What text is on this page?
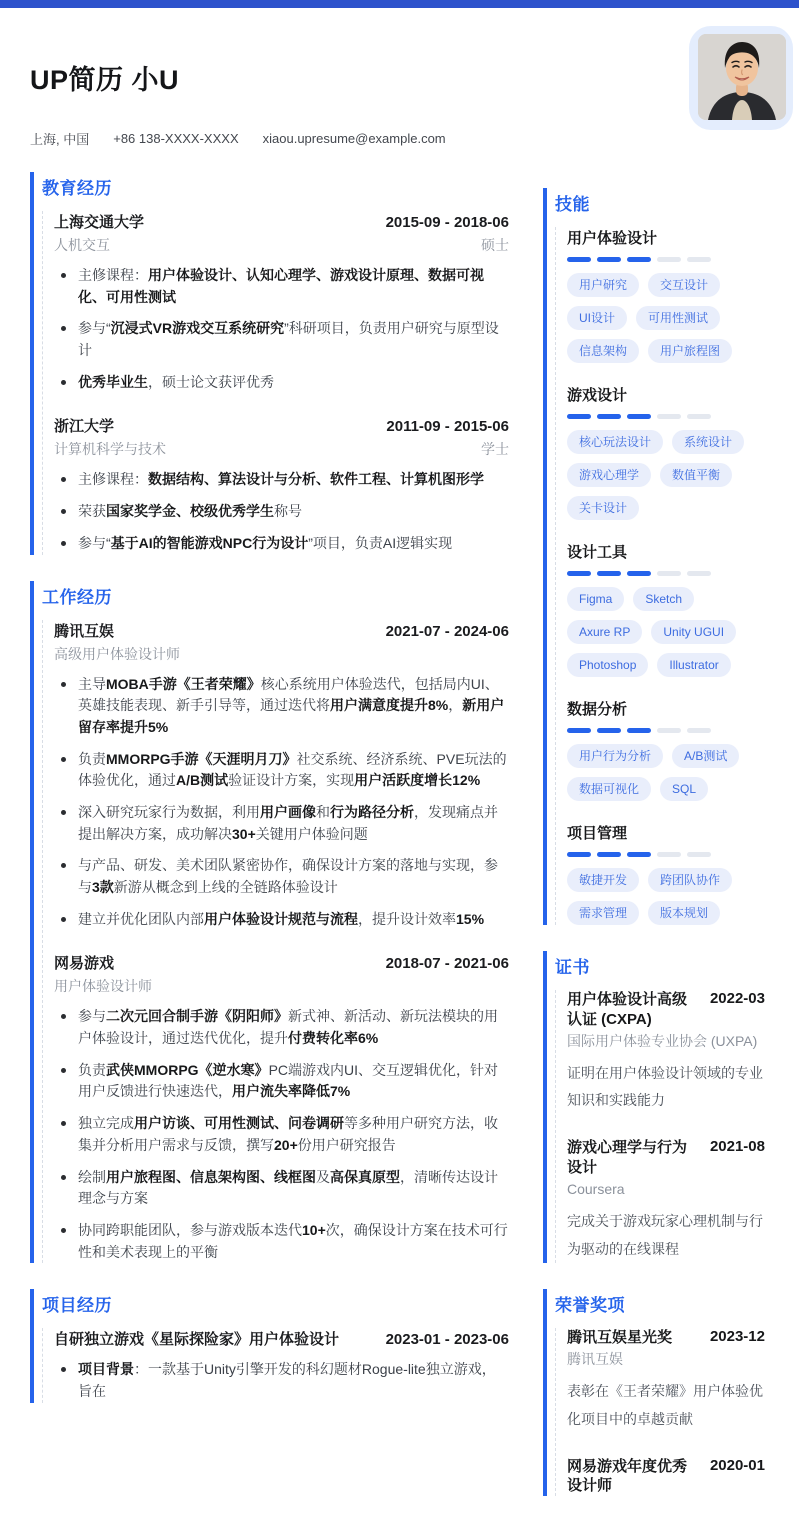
UP简历 小U
上海, 中国 +86 138-XXXX-XXXX xiaou.upresume@example.com
教育经历
上海交通大学	2015-09 - 2018-06
人机交互	硕士
主修课程：用户体验设计、认知心理学、游戏设计原理、数据可视化、可用性测试
参与“沉浸式VR游戏交互系统研究”科研项目，负责用户研究与原型设计
优秀毕业生，硕士论文获评优秀
浙江大学	2011-09 - 2015-06
计算机科学与技术	学士
主修课程：数据结构、算法设计与分析、软件工程、计算机图形学
荣获国家奖学金、校级优秀学生称号
参与“基于AI的智能游戏NPC行为设计”项目，负责AI逻辑实现
工作经历
腾讯互娱	2021-07 - 2024-06
高级用户体验设计师
主导MOBA手游《王者荣耀》核心系统用户体验迭代，包括局内UI、英雄技能表现、新手引导等，通过迭代将用户满意度提升8%，新用户留存率提升5%
负责MMORPG手游《天涯明月刀》社交系统、经济系统、PVE玩法的体验优化，通过A/B测试验证设计方案，实现用户活跃度增长12%
深入研究玩家行为数据，利用用户画像和行为路径分析，发现痛点并提出解决方案，成功解决30+关键用户体验问题
与产品、研发、美术团队紧密协作，确保设计方案的落地与实现，参与3款新游从概念到上线的全链路体验设计
建立并优化团队内部用户体验设计规范与流程，提升设计效率15%
网易游戏	2018-07 - 2021-06
用户体验设计师
参与二次元回合制手游《阴阳师》新式神、新活动、新玩法模块的用户体验设计，通过迭代优化，提升付费转化率6%
负责武侠MMORPG《逆水寒》PC端游戏内UI、交互逻辑优化，针对用户反馈进行快速迭代，用户流失率降低7%
独立完成用户访谈、可用性测试、问卷调研等多种用户研究方法，收集并分析用户需求与反馈，撰写20+份用户研究报告
绘制用户旅程图、信息架构图、线框图及高保真原型，清晰传达设计理念与方案
协同跨职能团队，参与游戏版本迭代10+次，确保设计方案在技术可行性和美术表现上的平衡
项目经历
自研独立游戏《星际探险家》用户体验设计	2023-01 - 2023-06
项目背景：一款基于Unity引擎开发的科幻题材Rogue-lite独立游戏，旨在
技能
用户体验设计
用户研究	交互设计
UI设计	可用性测试
信息架构	用户旅程图
游戏设计
核心玩法设计	系统设计
游戏心理学	数值平衡
关卡设计
设计工具
Figma	Sketch
Axure RP	Unity UGUI
Photoshop	Illustrator
数据分析
用户行为分析	A/B测试
数据可视化	SQL
项目管理
敏捷开发	跨团队协作
需求管理	版本规划
证书
用户体验设计高级认证 (CXPA)
2022-03
国际用户体验专业协会 (UXPA)
证明在用户体验设计领域的专业知识和实践能力
游戏心理学与行为设计
2021-08
Coursera
完成关于游戏玩家心理机制与行为驱动的在线课程
荣誉奖项
腾讯互娱星光奖	2023-12
腾讯互娱
表彰在《王者荣耀》用户体验优化项目中的卓越贡献
网易游戏年度优秀设计师
2020-01
